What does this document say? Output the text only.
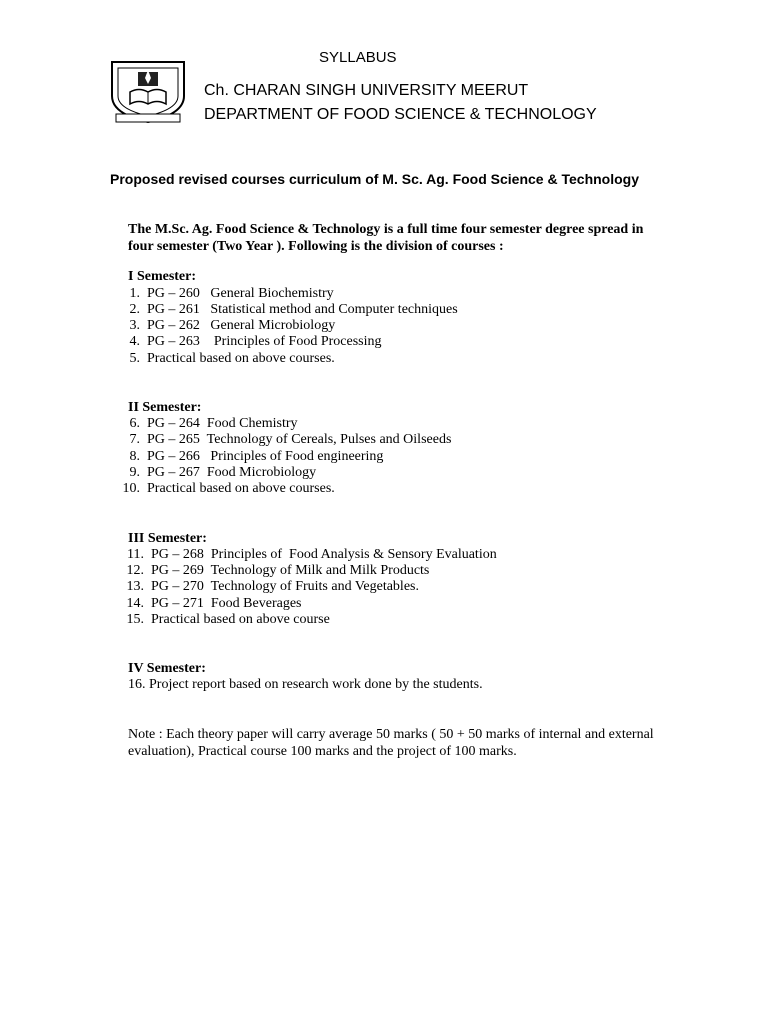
SYLLABUS
Ch. CHARAN SINGH UNIVERSITY MEERUT
DEPARTMENT OF FOOD SCIENCE & TECHNOLOGY
Proposed revised courses curriculum of M. Sc. Ag. Food Science & Technology
The M.Sc. Ag. Food Science & Technology is a full time four semester degree spread in four semester (Two Year ). Following is the division of courses :
I Semester:
1. PG – 260   General Biochemistry
2. PG – 261   Statistical method and Computer techniques
3. PG – 262   General Microbiology
4. PG – 263    Principles of Food Processing
5. Practical based on above courses.
II Semester:
6. PG – 264  Food Chemistry
7. PG – 265  Technology of Cereals, Pulses and Oilseeds
8. PG – 266   Principles of Food engineering
9. PG – 267  Food Microbiology
10. Practical based on above courses.
III Semester:
11. PG – 268  Principles of  Food Analysis & Sensory Evaluation
12. PG – 269  Technology of Milk and Milk Products
13. PG – 270  Technology of Fruits and Vegetables.
14. PG – 271  Food Beverages
15. Practical based on above course
IV Semester:
16. Project report based on research work done by the students.
Note : Each theory paper will carry average 50 marks ( 50 + 50 marks of internal and external evaluation), Practical course 100 marks and the project of 100 marks.
